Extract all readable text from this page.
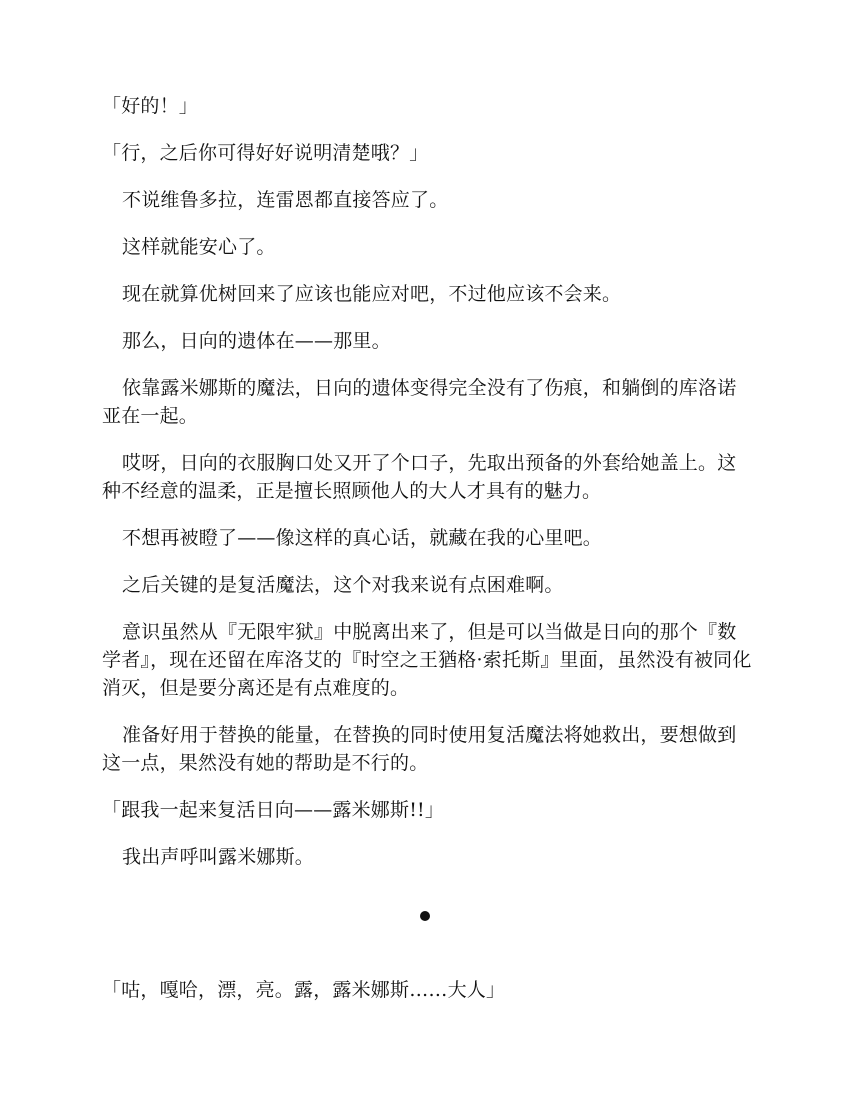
「好的！」

「行，之后你可得好好说明清楚哦？」

不说维鲁多拉，连雷恩都直接答应了。

这样就能安心了。

现在就算优树回来了应该也能应对吧，不过他应该不会来。

那么，日向的遗体在——那里。

依靠露米娜斯的魔法，日向的遗体变得完全没有了伤痕，和躺倒的库洛诺亚在一起。

哎呀，日向的衣服胸口处又开了个口子，先取出预备的外套给她盖上。这种不经意的温柔，正是擅长照顾他人的大人才具有的魅力。

不想再被瞪了——像这样的真心话，就藏在我的心里吧。

之后关键的是复活魔法，这个对我来说有点困难啊。

意识虽然从『无限牢狱』中脱离出来了，但是可以当做是日向的那个『数学者』，现在还留在库洛艾的『时空之王猶格·索托斯』里面，虽然没有被同化消灭，但是要分离还是有点难度的。

准备好用于替换的能量，在替换的同时使用复活魔法将她救出，要想做到这一点，果然没有她的帮助是不行的。

「跟我一起来复活日向——露米娜斯!!」

我出声呼叫露米娜斯。

「咕，嘎哈，漂，亮。露，露米娜斯……大人」
